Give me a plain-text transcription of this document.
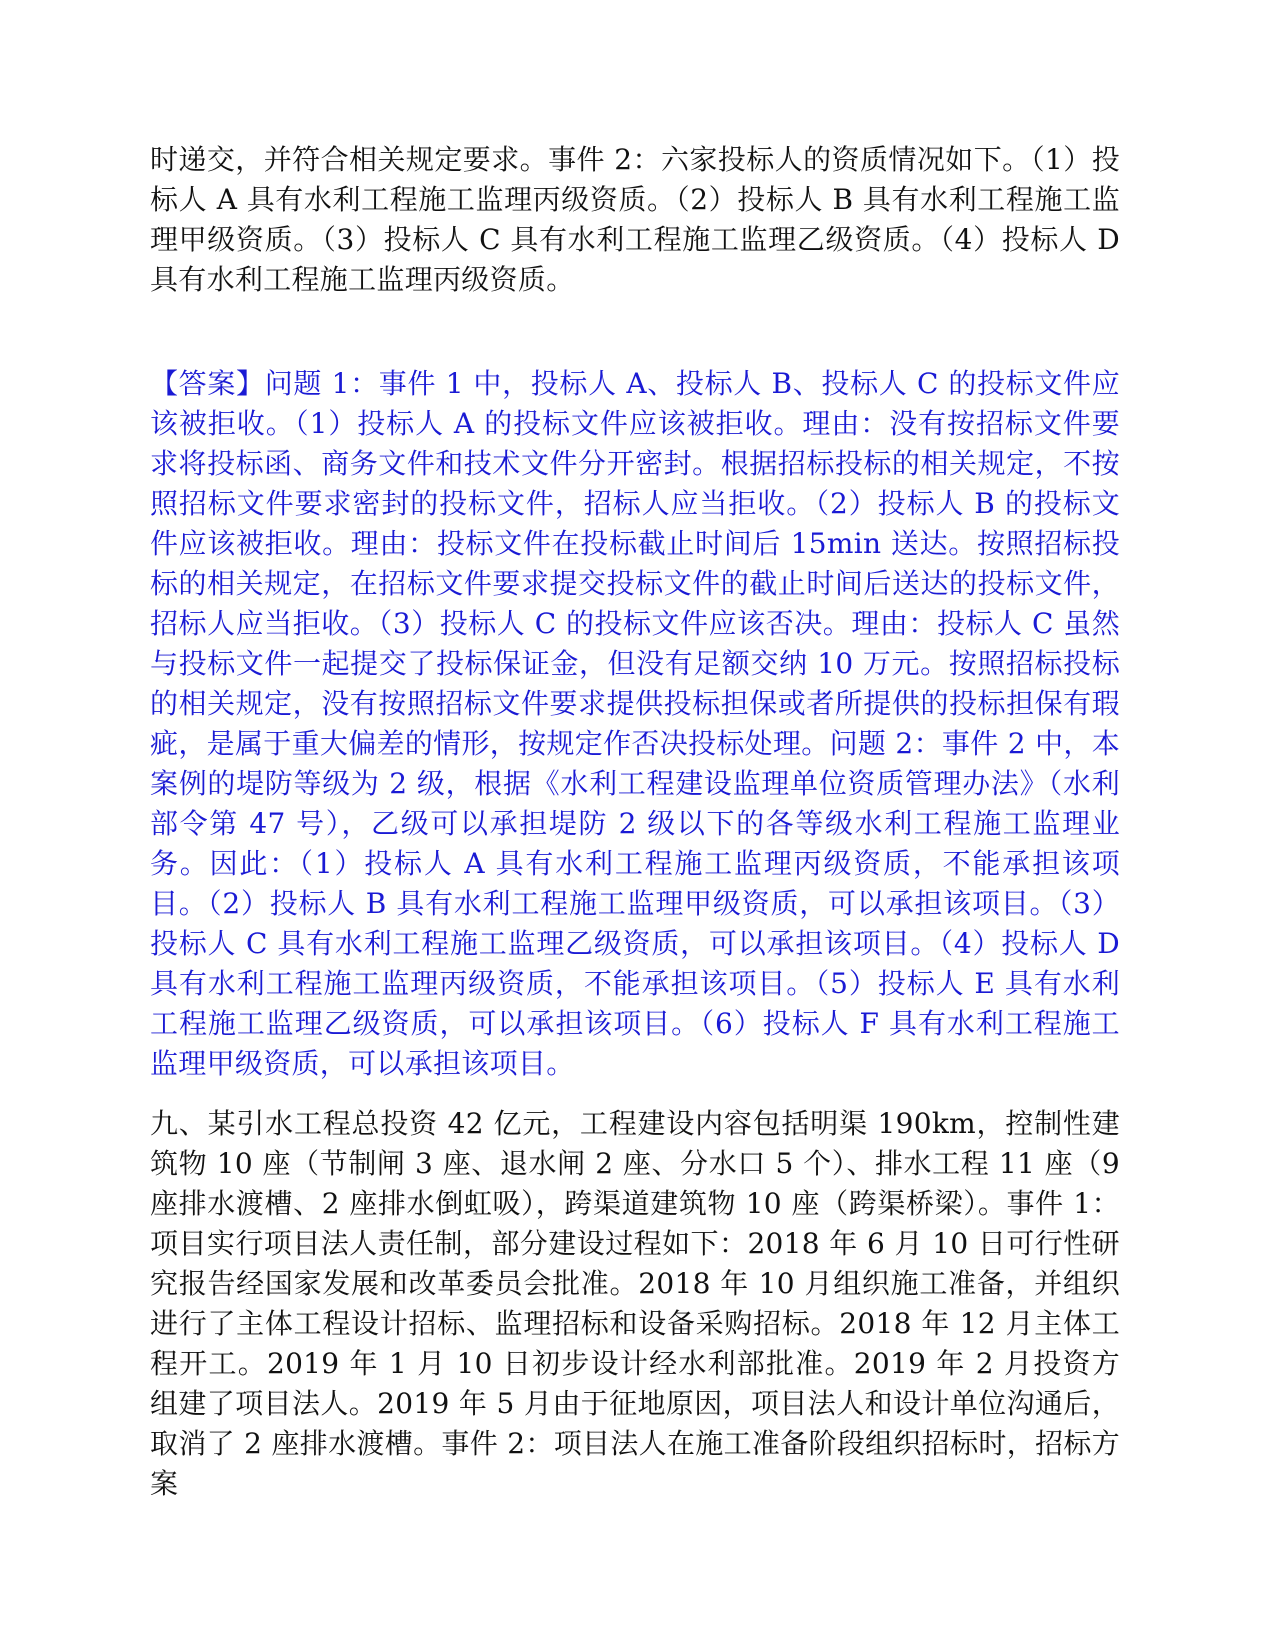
时递交，并符合相关规定要求。事件 2：六家投标人的资质情况如下。（1）投标人 A 具有水利工程施工监理丙级资质。（2）投标人 B 具有水利工程施工监理甲级资质。（3）投标人 C 具有水利工程施工监理乙级资质。（4）投标人 D 具有水利工程施工监理丙级资质。

【答案】问题 1：事件 1 中，投标人 A、投标人 B、投标人 C 的投标文件应该被拒收。（1）投标人 A 的投标文件应该被拒收。理由：没有按招标文件要求将投标函、商务文件和技术文件分开密封。根据招标投标的相关规定，不按照招标文件要求密封的投标文件，招标人应当拒收。（2）投标人 B 的投标文件应该被拒收。理由：投标文件在投标截止时间后 15min 送达。按照招标投标的相关规定，在招标文件要求提交投标文件的截止时间后送达的投标文件，招标人应当拒收。（3）投标人 C 的投标文件应该否决。理由：投标人 C 虽然与投标文件一起提交了投标保证金，但没有足额交纳 10 万元。按照招标投标的相关规定，没有按照招标文件要求提供投标担保或者所提供的投标担保有瑕疵，是属于重大偏差的情形，按规定作否决投标处理。问题 2：事件 2 中，本案例的堤防等级为 2 级，根据《水利工程建设监理单位资质管理办法》（水利部令第 47 号），乙级可以承担堤防 2 级以下的各等级水利工程施工监理业务。因此：（1）投标人 A 具有水利工程施工监理丙级资质，不能承担该项目。（2）投标人 B 具有水利工程施工监理甲级资质，可以承担该项目。（3）投标人 C 具有水利工程施工监理乙级资质，可以承担该项目。（4）投标人 D 具有水利工程施工监理丙级资质，不能承担该项目。（5）投标人 E 具有水利工程施工监理乙级资质，可以承担该项目。（6）投标人 F 具有水利工程施工监理甲级资质，可以承担该项目。

九、某引水工程总投资 42 亿元，工程建设内容包括明渠 190km，控制性建筑物 10 座（节制闸 3 座、退水闸 2 座、分水口 5 个）、排水工程 11 座（9 座排水渡槽、2 座排水倒虹吸），跨渠道建筑物 10 座（跨渠桥梁）。事件 1：项目实行项目法人责任制，部分建设过程如下：2018 年 6 月 10 日可行性研究报告经国家发展和改革委员会批准。2018 年 10 月组织施工准备，并组织进行了主体工程设计招标、监理招标和设备采购招标。2018 年 12 月主体工程开工。2019 年 1 月 10 日初步设计经水利部批准。2019 年 2 月投资方组建了项目法人。2019 年 5 月由于征地原因，项目法人和设计单位沟通后，取消了 2 座排水渡槽。事件 2：项目法人在施工准备阶段组织招标时，招标方案
